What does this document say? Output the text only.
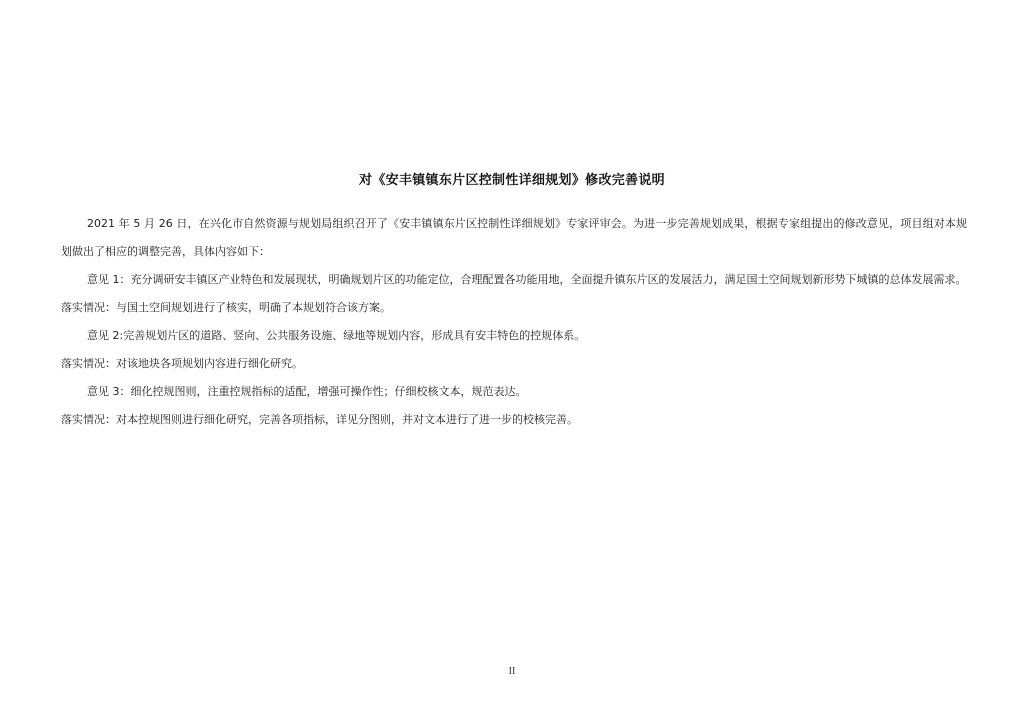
对《安丰镇镇东片区控制性详细规划》修改完善说明

2021 年 5 月 26 日，在兴化市自然资源与规划局组织召开了《安丰镇镇东片区控制性详细规划》专家评审会。为进一步完善规划成果，根据专家组提出的修改意见，项目组对本规划做出了相应的调整完善，具体内容如下：

意见 1：充分调研安丰镇区产业特色和发展现状，明确规划片区的功能定位，合理配置各功能用地，全面提升镇东片区的发展活力，满足国土空间规划新形势下城镇的总体发展需求。

落实情况：与国土空间规划进行了核实，明确了本规划符合该方案。

意见 2:完善规划片区的道路、竖向、公共服务设施、绿地等规划内容，形成具有安丰特色的控规体系。

落实情况：对该地块各项规划内容进行细化研究。

意见 3：细化控规图则，注重控规指标的适配，增强可操作性；仔细校核文本，规范表达。

落实情况：对本控规图则进行细化研究，完善各项指标，详见分图则，并对文本进行了进一步的校核完善。

II
